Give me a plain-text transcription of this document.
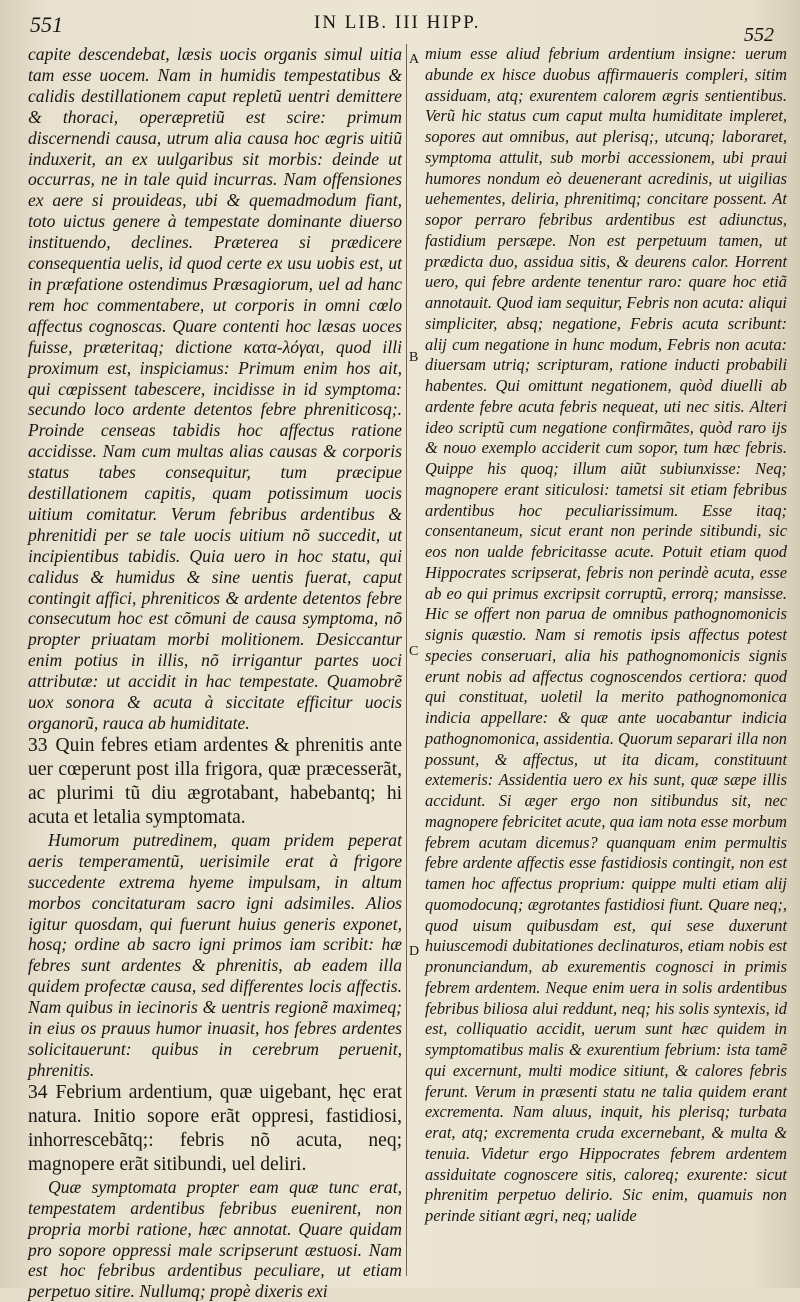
551	IN LIB. III HIPP.
552

capite descendebat, læsis uocis organis simul uitia tam esse uocem. Nam in humidis tempestatibus & calidis destillationem caput repletũ uentri demittere & thoraci, operæpretiũ est scire: primum discernendi causa, utrum alia causa hoc ægris uitiũ induxerit, an ex uulgaribus sit morbis: deinde ut occurras, ne in tale quid incurras. Nam offensiones ex aere si prouideas, ubi & quemadmodum fiant, toto uictus genere à tempestate dominante diuerso instituendo, declines. Præterea si prædicere consequentia uelis, id quod certe ex usu uobis est, ut in præfatione ostendimus Præsagiorum, uel ad hanc rem hoc commentabere, ut corporis in omni cœlo affectus cognoscas. Quare contenti hoc læsas uoces fuisse, præteritaq; dictione κατα-λόγαι, quod illi proximum est, inspiciamus: Primum enim hos ait, qui cœpissent tabescere, incidisse in id symptoma: secundo loco ardente detentos febre phreniticosq;. Proinde censeas tabidis hoc affectus ratione accidisse. Nam cum multas alias causas & corporis status tabes consequitur, tum præcipue destillationem capitis, quam potissimum uocis uitium comitatur. Verum febribus ardentibus & phrenitidi per se tale uocis uitium nõ succedit, ut incipientibus tabidis. Quia uero in hoc statu, qui calidus & humidus & sine uentis fuerat, caput contingit affici, phreniticos & ardente detentos febre consecutum hoc est cõmuni de causa symptoma, nõ propter priuatam morbi molitionem. Desiccantur enim potius in illis, nõ irrigantur partes uoci attributæ: ut accidit in hac tempestate. Quamobrẽ uox sonora & acuta à siccitate efficitur uocis organorũ, rauca ab humiditate.

33 Quin febres etiam ardentes & phrenitis ante uer cœperunt post illa frigora, quæ præcesserãt, ac plurimi tũ diu ægrotabant, habebantq; hi acuta et letalia symptomata.

Humorum putredinem, quam pridem peperat aeris temperamentũ, uerisimile erat à frigore succedente extrema hyeme impulsam, in altum morbos concitaturam sacro igni adsimiles. Alios igitur quosdam, qui fuerunt huius generis exponet, hosq; ordine ab sacro igni primos iam scribit: hæ febres sunt ardentes & phrenitis, ab eadem illa quidem profectæ causa, sed differentes locis affectis. Nam quibus in iecinoris & uentris regionẽ maximeq; in eius os prauus humor inuasit, hos febres ardentes solicitauerunt: quibus in cerebrum peruenit, phrenitis.

34 Febrium ardentium, quæ uigebant, hęc erat natura. Initio sopore erãt oppresi, fastidiosi, inhorrescebãtq;: febris nõ acuta, neq; magnopere erãt sitibundi, uel deliri.

Quæ symptomata propter eam quæ tunc erat, tempestatem ardentibus febribus euenirent, non propria morbi ratione, hæc annotat. Quare quidam pro sopore oppressi male scripserunt æstuosi. Nam est hoc febribus ardentibus peculiare, ut etiam perpetuo sitire. Nullumq; propè dixeris exi

A
B
C
D

mium esse aliud febrium ardentium insigne: uerum abunde ex hisce duobus affirmaueris compleri, sitim assiduam, atq; exurentem calorem ægris sentientibus. Verũ hic status cum caput multa humiditate impleret, sopores aut omnibus, aut plerisq;, utcunq; laboraret, symptoma attulit, sub morbi accessionem, ubi praui humores nondum eò deuenerant acredinis, ut uigilias uehementes, deliria, phrenitimq; concitare possent. At sopor perraro febribus ardentibus est adiunctus, fastidium persæpe. Non est perpetuum tamen, ut prædicta duo, assidua sitis, & deurens calor. Horrent uero, qui febre ardente tenentur raro: quare hoc etiã annotauit. Quod iam sequitur, Febris non acuta: aliqui simpliciter, absq; negatione, Febris acuta scribunt: alij cum negatione in hunc modum, Febris non acuta: diuersam utriq; scripturam, ratione inducti probabili habentes. Qui omittunt negationem, quòd diuelli ab ardente febre acuta febris nequeat, uti nec sitis. Alteri ideo scriptũ cum negatione confirmãtes, quòd raro ijs & nouo exemplo acciderit cum sopor, tum hæc febris. Quippe his quoq; illum aiũt subiunxisse: Neq; magnopere erant siticulosi: tametsi sit etiam febribus ardentibus hoc peculiarissimum. Esse itaq; consentaneum, sicut erant non perinde sitibundi, sic eos non ualde febricitasse acute. Potuit etiam quod Hippocrates scripserat, febris non perindè acuta, esse ab eo qui primus excripsit corruptũ, errorq; mansisse. Hic se offert non parua de omnibus pathognomonicis signis quæstio. Nam si remotis ipsis affectus potest species conseruari, alia his pathognomonicis signis erunt nobis ad affectus cognoscendos certiora: quod qui constituat, uoletil la merito pathognomonica indicia appellare: & quæ ante uocabantur indicia pathognomonica, assidentia. Quorum separari illa non possunt, & affectus, ut ita dicam, constituunt extemeris: Assidentia uero ex his sunt, quæ sæpe illis accidunt. Si æger ergo non sitibundus sit, nec magnopere febricitet acute, qua iam nota esse morbum febrem acutam dicemus? quanquam enim permultis febre ardente affectis esse fastidiosis contingit, non est tamen hoc affectus proprium: quippe multi etiam alij quomodocunq; ægrotantes fastidiosi fiunt. Quare neq;, quod uisum quibusdam est, qui sese duxerunt huiuscemodi dubitationes declinaturos, etiam nobis est pronunciandum, ab exurementis cognosci in primis febrem ardentem. Neque enim uera in solis ardentibus febribus biliosa alui reddunt, neq; his solis syntexis, id est, colliquatio accidit, uerum sunt hæc quidem in symptomatibus malis & exurentium febrium: ista tamẽ qui excernunt, multi modice sitiunt, & calores febris ferunt. Verum in præsenti statu ne talia quidem erant excrementa. Nam aluus, inquit, his plerisq; turbata erat, atq; excrementa cruda excernebant, & multa & tenuia. Videtur ergo Hippocrates febrem ardentem assiduitate cognoscere sitis, caloreq; exurente: sicut phrenitim perpetuo delirio. Sic enim, quamuis non perinde sitiant ægri, neq; ualide
